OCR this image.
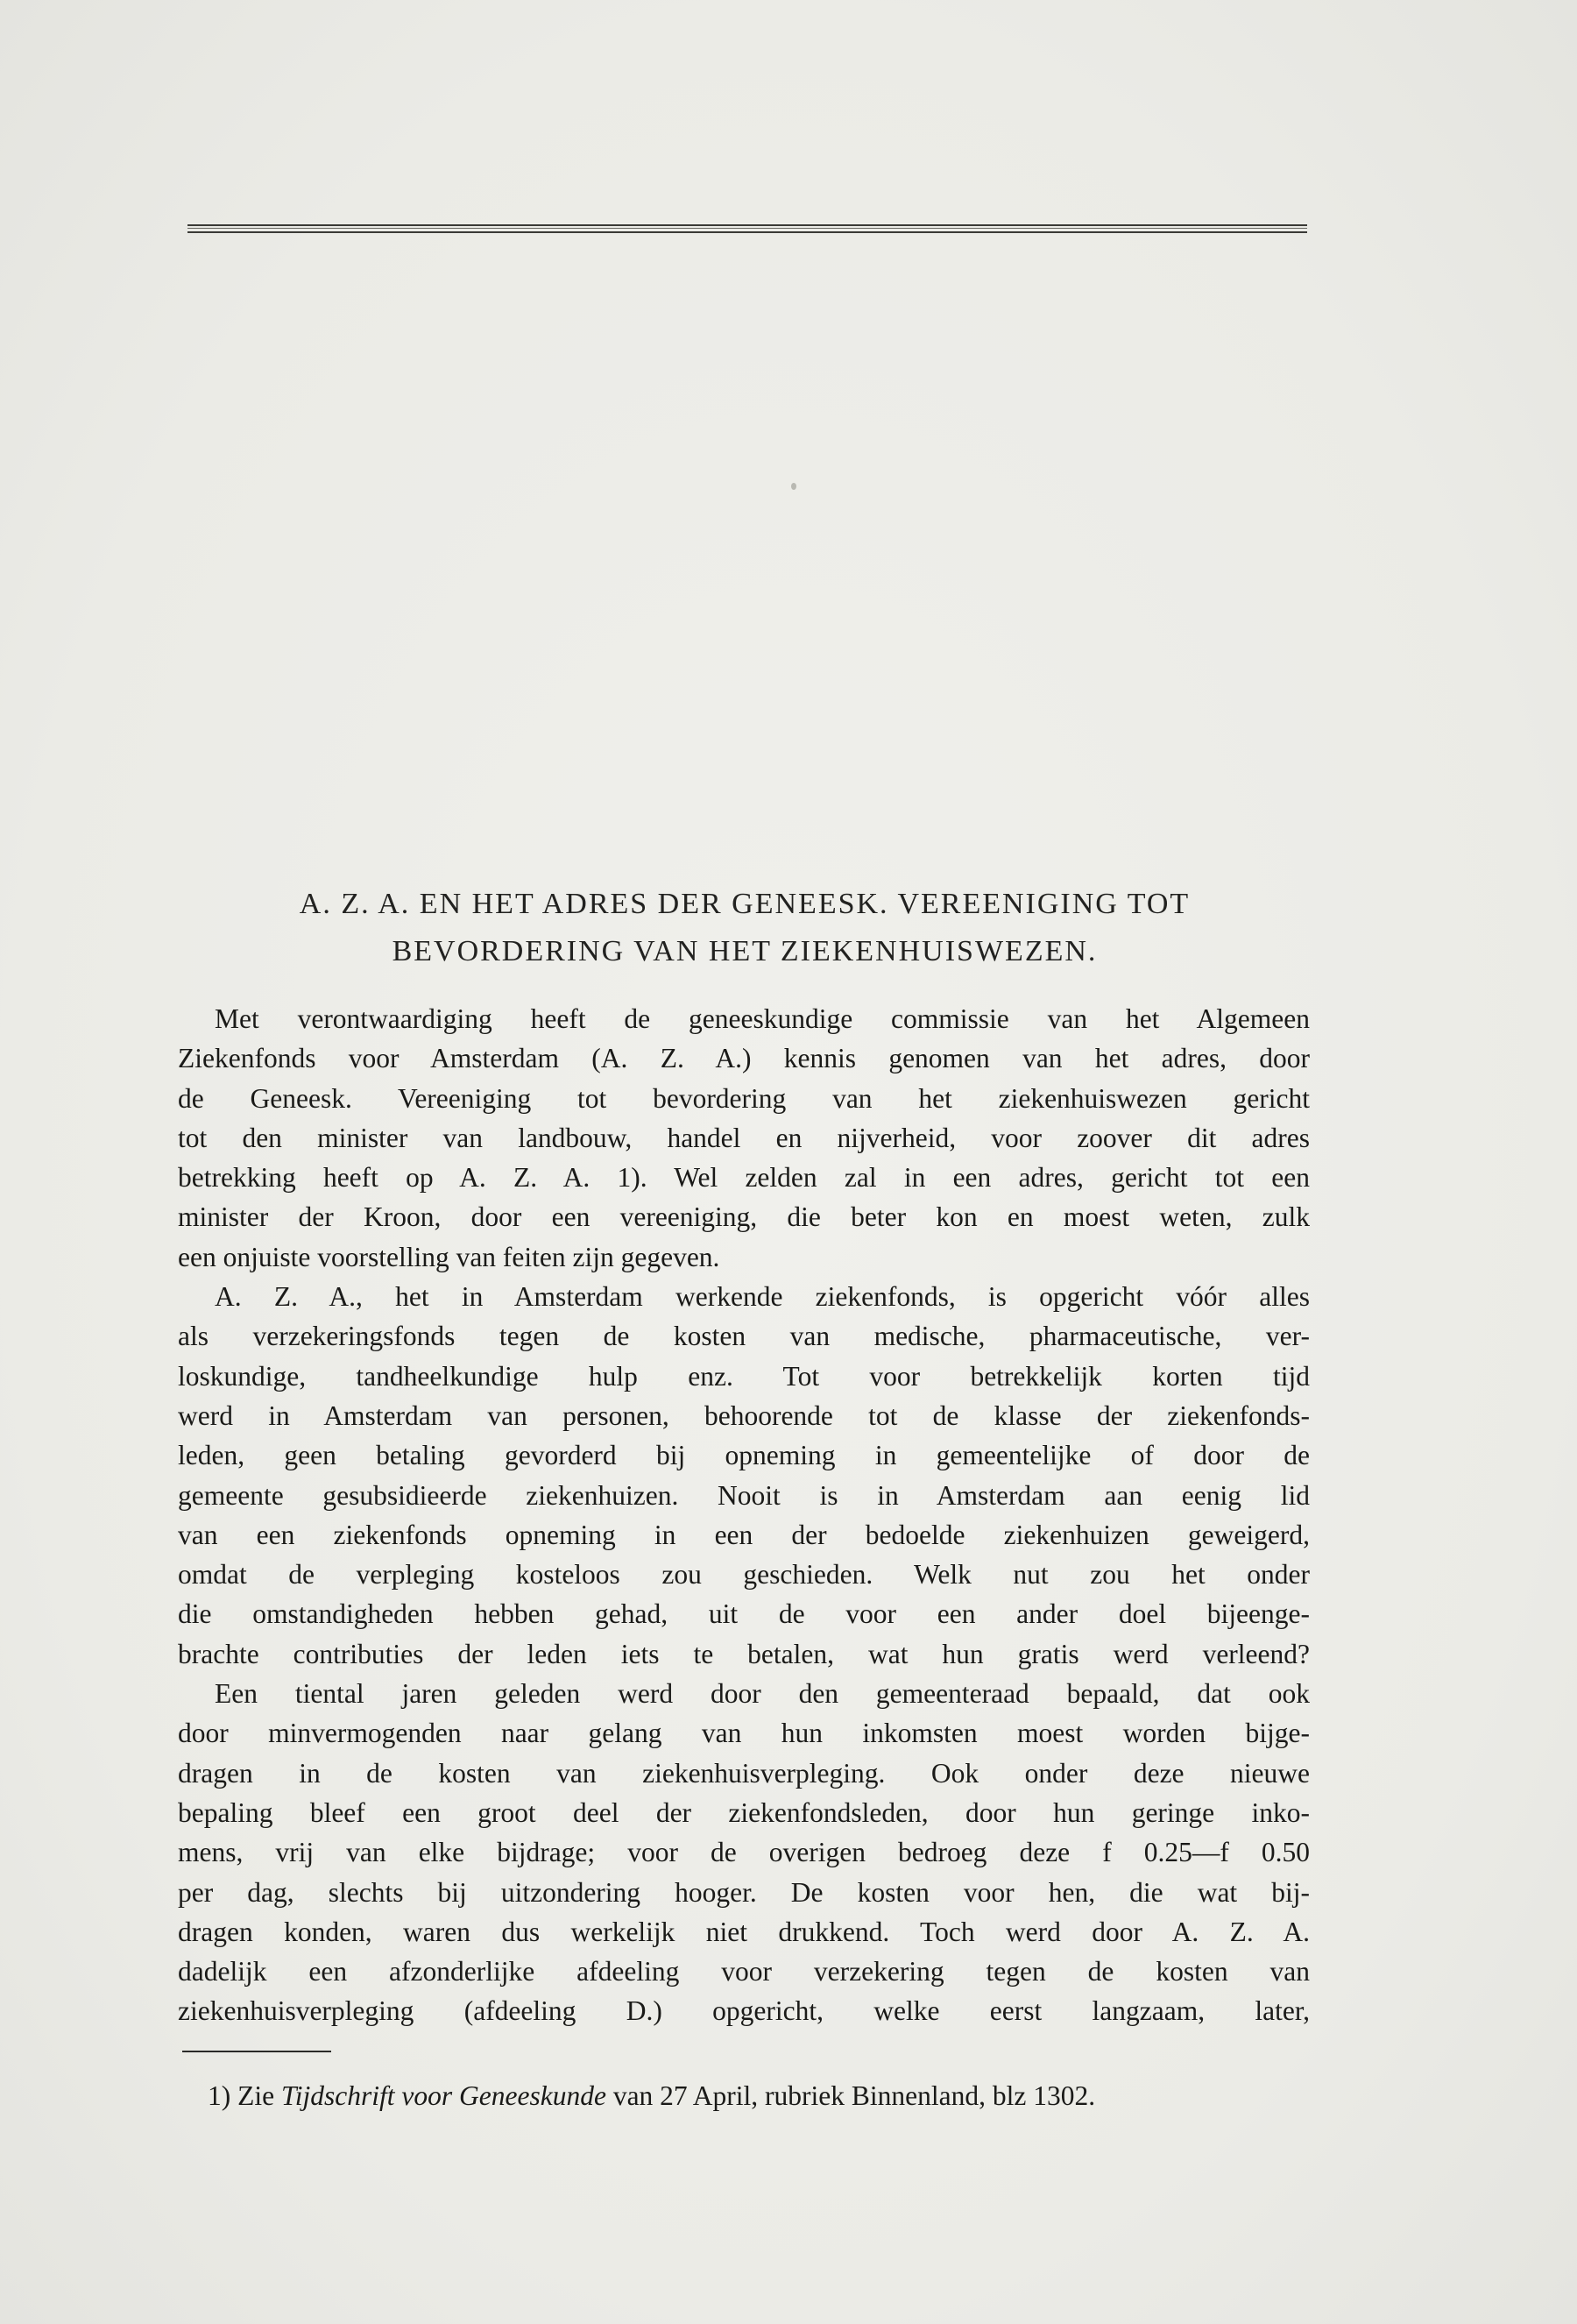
A. Z. A. EN HET ADRES DER GENEESK. VEREENIGING TOT
BEVORDERING VAN HET ZIEKENHUISWEZEN.
Met verontwaardiging heeft de geneeskundige commissie van het Algemeen
Ziekenfonds voor Amsterdam (A. Z. A.) kennis genomen van het adres, door
de Geneesk. Vereeniging tot bevordering van het ziekenhuiswezen gericht
tot den minister van landbouw, handel en nijverheid, voor zoover dit adres
betrekking heeft op A. Z. A. 1). Wel zelden zal in een adres, gericht tot een
minister der Kroon, door een vereeniging, die beter kon en moest weten, zulk
een onjuiste voorstelling van feiten zijn gegeven.
A. Z. A., het in Amsterdam werkende ziekenfonds, is opgericht vóór alles
als verzekeringsfonds tegen de kosten van medische, pharmaceutische, ver-
loskundige, tandheelkundige hulp enz. Tot voor betrekkelijk korten tijd
werd in Amsterdam van personen, behoorende tot de klasse der ziekenfonds-
leden, geen betaling gevorderd bij opneming in gemeentelijke of door de
gemeente gesubsidieerde ziekenhuizen. Nooit is in Amsterdam aan eenig lid
van een ziekenfonds opneming in een der bedoelde ziekenhuizen geweigerd,
omdat de verpleging kosteloos zou geschieden. Welk nut zou het onder
die omstandigheden hebben gehad, uit de voor een ander doel bijeenge-
brachte contributies der leden iets te betalen, wat hun gratis werd verleend?
Een tiental jaren geleden werd door den gemeenteraad bepaald, dat ook
door minvermogenden naar gelang van hun inkomsten moest worden bijge-
dragen in de kosten van ziekenhuisverpleging. Ook onder deze nieuwe
bepaling bleef een groot deel der ziekenfondsleden, door hun geringe inko-
mens, vrij van elke bijdrage; voor de overigen bedroeg deze f 0.25—f 0.50
per dag, slechts bij uitzondering hooger. De kosten voor hen, die wat bij-
dragen konden, waren dus werkelijk niet drukkend. Toch werd door A. Z. A.
dadelijk een afzonderlijke afdeeling voor verzekering tegen de kosten van
ziekenhuisverpleging (afdeeling D.) opgericht, welke eerst langzaam, later,
1) Zie Tijdschrift voor Geneeskunde van 27 April, rubriek Binnenland, blz 1302.
